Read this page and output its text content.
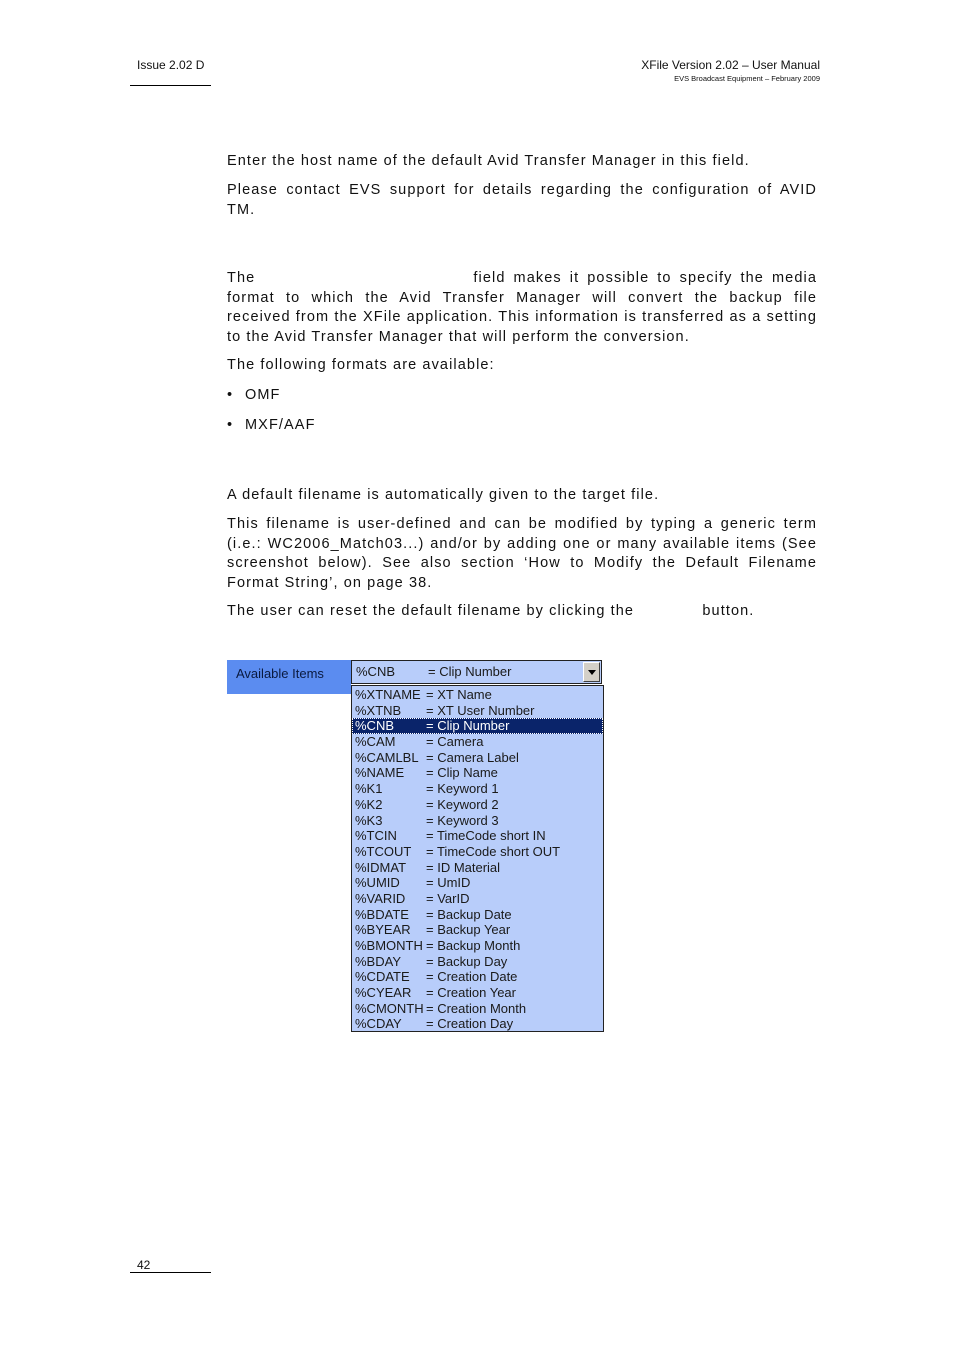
Issue 2.02 D	XFile Version 2.02 – User Manual
EVS Broadcast Equipment – February 2009

Enter the host name of the default Avid Transfer Manager in this field.

Please contact EVS support for details regarding the configuration of AVID TM.

The	field makes it possible to specify the media format to which the Avid Transfer Manager will convert the backup file received from the XFile application. This information is transferred as a setting to the Avid Transfer Manager that will perform the conversion.

The following formats are available:

• OMF
• MXF/AAF

A default filename is automatically given to the target file.

This filename is user-defined and can be modified by typing a generic term (i.e.: WC2006_Match03...) and/or by adding one or many available items (See screenshot below). See also section ‘How to Modify the Default Filename Format String’, on page 38.

The user can reset the default filename by clicking the	button.

Available Items	%CNB	= Clip Number
%XTNAME = XT Name
%XTNB = XT User Number
%CNB = Clip Number
%CAM = Camera
%CAMLBL = Camera Label
%NAME = Clip Name
%K1	= Keyword 1
%K2	= Keyword 2
%K3	= Keyword 3
%TCIN = TimeCode short IN
%TCOUT = TimeCode short OUT
%IDMAT = ID Material
%UMID = UmID
%VARID = VarID
%BDATE = Backup Date
%BYEAR = Backup Year
%BMONTH = Backup Month
%BDAY = Backup Day
%CDATE = Creation Date
%CYEAR = Creation Year
%CMONTH = Creation Month
%CDAY = Creation Day
42
